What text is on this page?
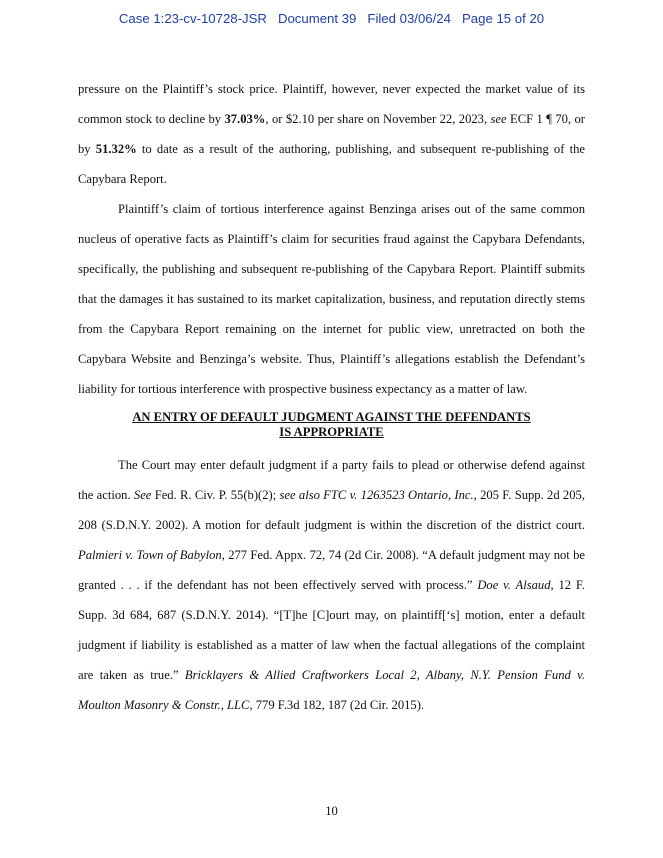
Case 1:23-cv-10728-JSR Document 39 Filed 03/06/24 Page 15 of 20

pressure on the Plaintiff’s stock price. Plaintiff, however, never expected the market value of its common stock to decline by 37.03%, or $2.10 per share on November 22, 2023, see ECF 1 ¶ 70, or by 51.32% to date as a result of the authoring, publishing, and subsequent re-publishing of the Capybara Report.

Plaintiff’s claim of tortious interference against Benzinga arises out of the same common nucleus of operative facts as Plaintiff’s claim for securities fraud against the Capybara Defendants, specifically, the publishing and subsequent re-publishing of the Capybara Report. Plaintiff submits that the damages it has sustained to its market capitalization, business, and reputation directly stems from the Capybara Report remaining on the internet for public view, unretracted on both the Capybara Website and Benzinga’s website. Thus, Plaintiff’s allegations establish the Defendant’s liability for tortious interference with prospective business expectancy as a matter of law.

AN ENTRY OF DEFAULT JUDGMENT AGAINST THE DEFENDANTS
IS APPROPRIATE

The Court may enter default judgment if a party fails to plead or otherwise defend against the action. See Fed. R. Civ. P. 55(b)(2); see also FTC v. 1263523 Ontario, Inc., 205 F. Supp. 2d 205, 208 (S.D.N.Y. 2002). A motion for default judgment is within the discretion of the district court. Palmieri v. Town of Babylon, 277 Fed. Appx. 72, 74 (2d Cir. 2008). “A default judgment may not be granted . . . if the defendant has not been effectively served with process.” Doe v. Alsaud, 12 F. Supp. 3d 684, 687 (S.D.N.Y. 2014). “[T]he [C]ourt may, on plaintiff[‘s] motion, enter a default judgment if liability is established as a matter of law when the factual allegations of the complaint are taken as true.” Bricklayers & Allied Craftworkers Local 2, Albany, N.Y. Pension Fund v. Moulton Masonry & Constr., LLC, 779 F.3d 182, 187 (2d Cir. 2015).

10
